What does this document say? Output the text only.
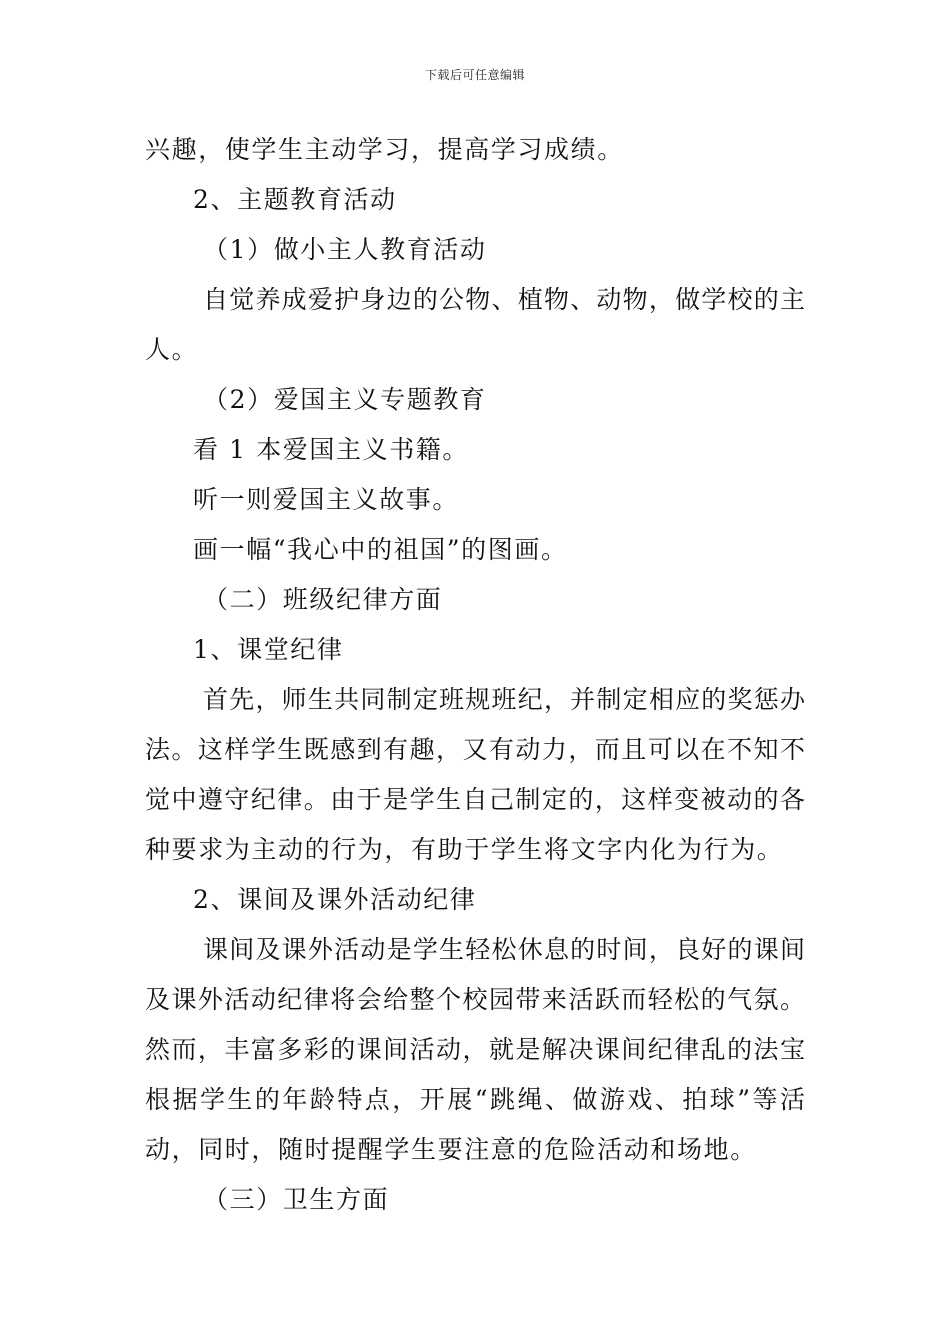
下载后可任意编辑
兴趣，使学生主动学习，提高学习成绩。
2、主题教育活动
（1）做小主人教育活动
自觉养成爱护身边的公物、植物、动物，做学校的主
人。
（2）爱国主义专题教育
看 1 本爱国主义书籍。
听一则爱国主义故事。
画一幅“我心中的祖国”的图画。
（二）班级纪律方面
1、课堂纪律
首先，师生共同制定班规班纪，并制定相应的奖惩办
法。这样学生既感到有趣，又有动力，而且可以在不知不
觉中遵守纪律。由于是学生自己制定的，这样变被动的各
种要求为主动的行为，有助于学生将文字内化为行为。
2、课间及课外活动纪律
课间及课外活动是学生轻松休息的时间，良好的课间
及课外活动纪律将会给整个校园带来活跃而轻松的气氛。
然而，丰富多彩的课间活动，就是解决课间纪律乱的法宝
根据学生的年龄特点，开展“跳绳、做游戏、拍球”等活
动，同时，随时提醒学生要注意的危险活动和场地。
（三）卫生方面
